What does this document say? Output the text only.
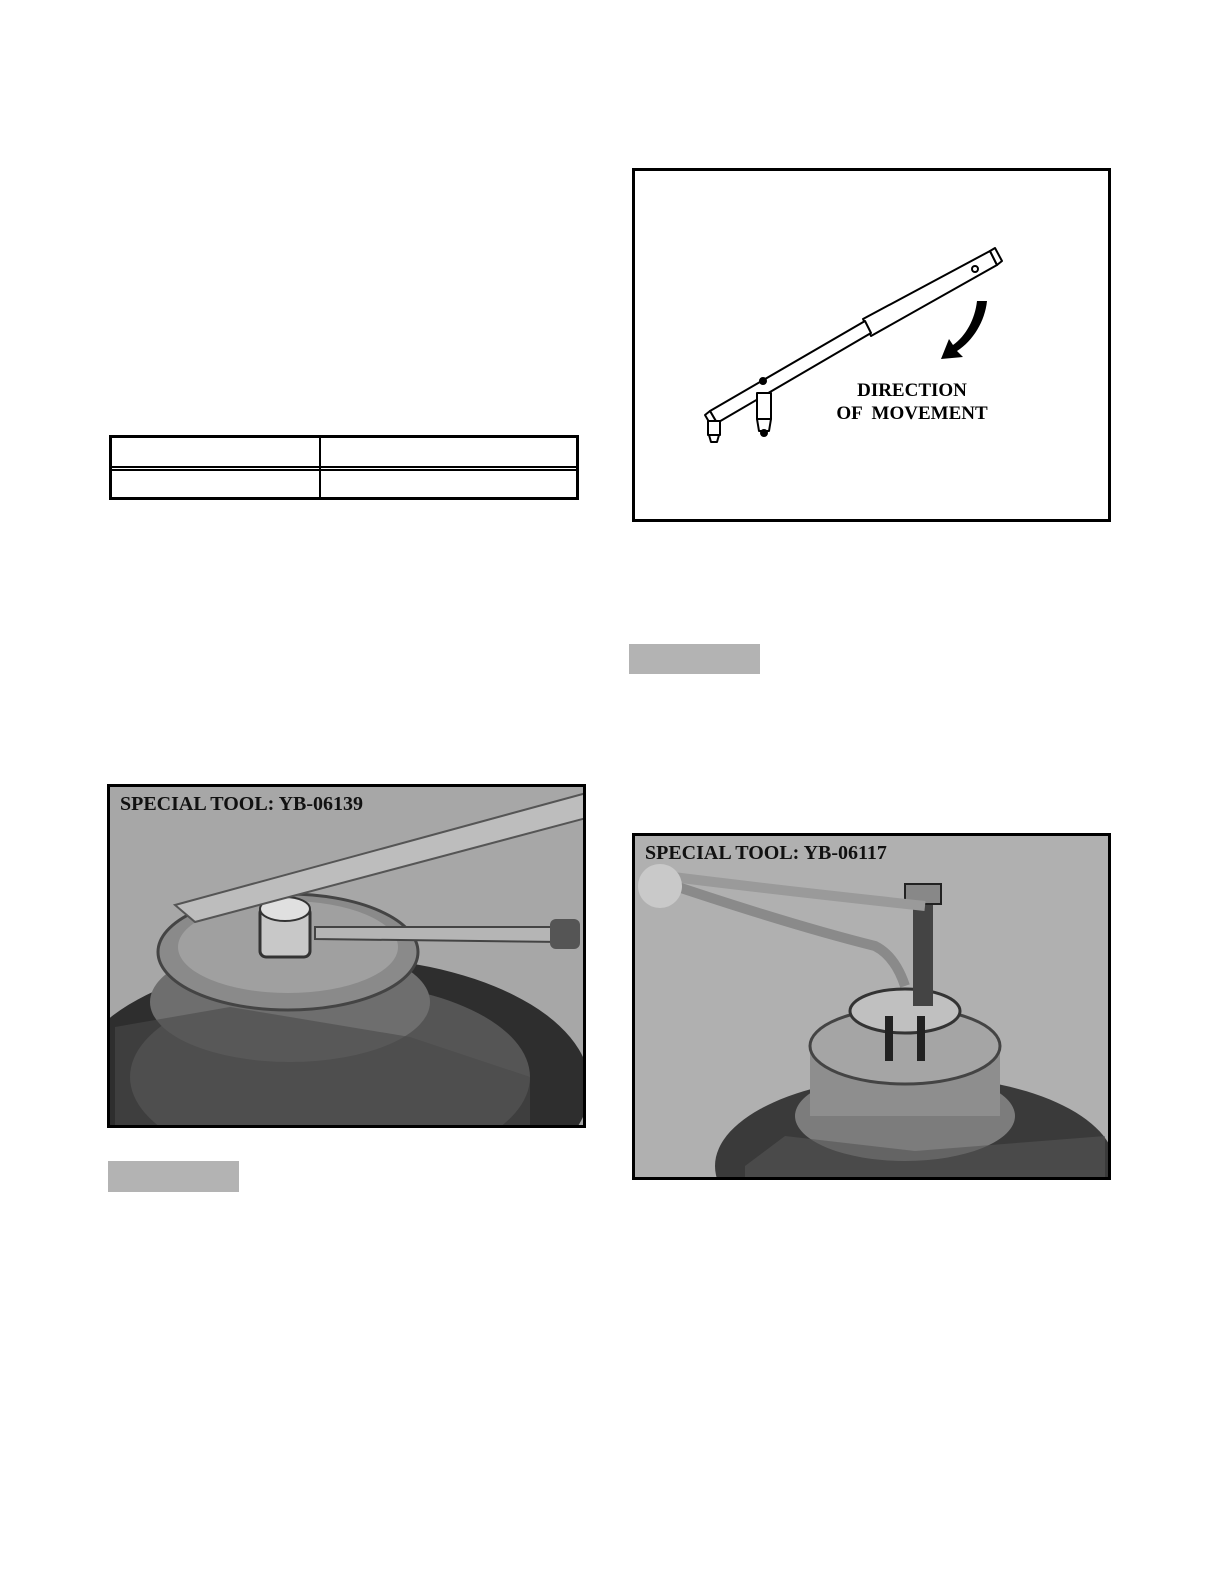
DIRECTION
OF  MOVEMENT
SPECIAL TOOL: YB-06139
SPECIAL TOOL: YB-06117
